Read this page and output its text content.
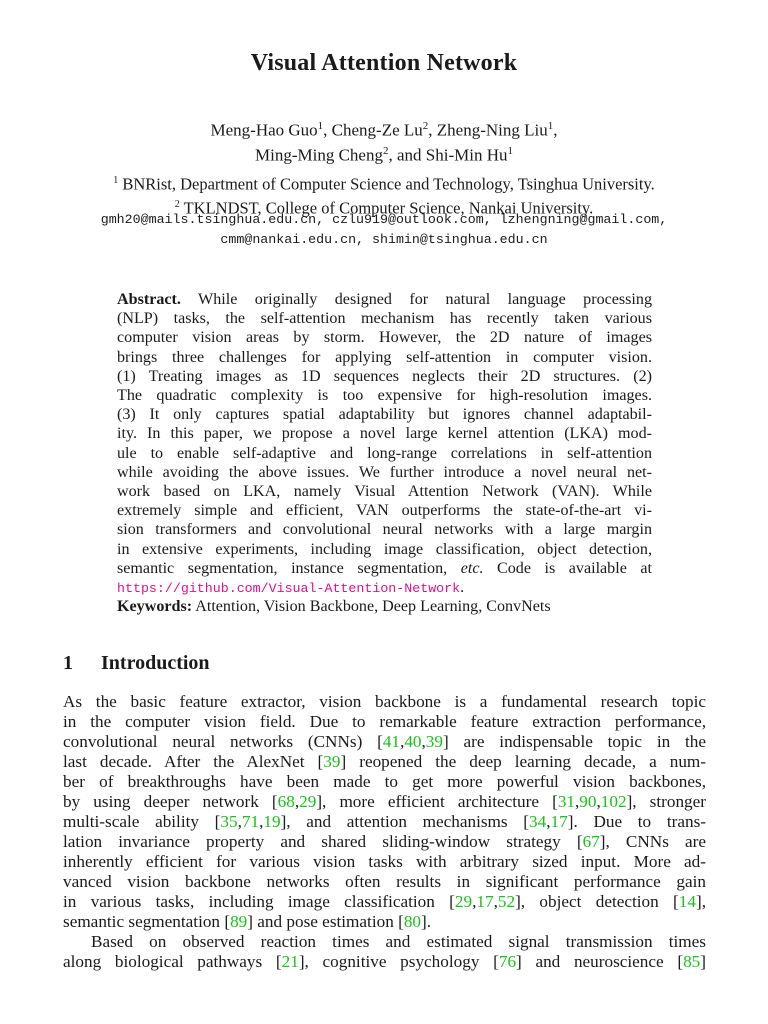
Visual Attention Network
Meng-Hao Guo$^1$, Cheng-Ze Lu$^2$, Zheng-Ning Liu$^1$,
Ming-Ming Cheng$^2$, and Shi-Min Hu$^1$
$^1$ BNRist, Department of Computer Science and Technology, Tsinghua University.
$^2$ TKLNDST, College of Computer Science, Nankai University.
gmh20@mails.tsinghua.edu.cn, czlu919@outlook.com, lzhengning@gmail.com,
cmm@nankai.edu.cn, shimin@tsinghua.edu.cn
Abstract. While originally designed for natural language processing
(NLP) tasks, the self-attention mechanism has recently taken various
computer vision areas by storm. However, the 2D nature of images
brings three challenges for applying self-attention in computer vision.
(1) Treating images as 1D sequences neglects their 2D structures. (2)
The quadratic complexity is too expensive for high-resolution images.
(3) It only captures spatial adaptability but ignores channel adaptabil-
ity. In this paper, we propose a novel large kernel attention (LKA) mod-
ule to enable self-adaptive and long-range correlations in self-attention
while avoiding the above issues. We further introduce a novel neural net-
work based on LKA, namely Visual Attention Network (VAN). While
extremely simple and efficient, VAN outperforms the state-of-the-art vi-
sion transformers and convolutional neural networks with a large margin
in extensive experiments, including image classification, object detection,
semantic segmentation, instance segmentation, etc. Code is available at
https://github.com/Visual-Attention-Network.
Keywords: Attention, Vision Backbone, Deep Learning, ConvNets
1 Introduction
As the basic feature extractor, vision backbone is a fundamental research topic
in the computer vision field. Due to remarkable feature extraction performance,
convolutional neural networks (CNNs) [41,40,39] are indispensable topic in the
last decade. After the AlexNet [39] reopened the deep learning decade, a num-
ber of breakthroughs have been made to get more powerful vision backbones,
by using deeper network [68,29], more efficient architecture [31,90,102], stronger
multi-scale ability [35,71,19], and attention mechanisms [34,17]. Due to trans-
lation invariance property and shared sliding-window strategy [67], CNNs are
inherently efficient for various vision tasks with arbitrary sized input. More ad-
vanced vision backbone networks often results in significant performance gain
in various tasks, including image classification [29,17,52], object detection [14],
semantic segmentation [89] and pose estimation [80].
Based on observed reaction times and estimated signal transmission times
along biological pathways [21], cognitive psychology [76] and neuroscience [85]
